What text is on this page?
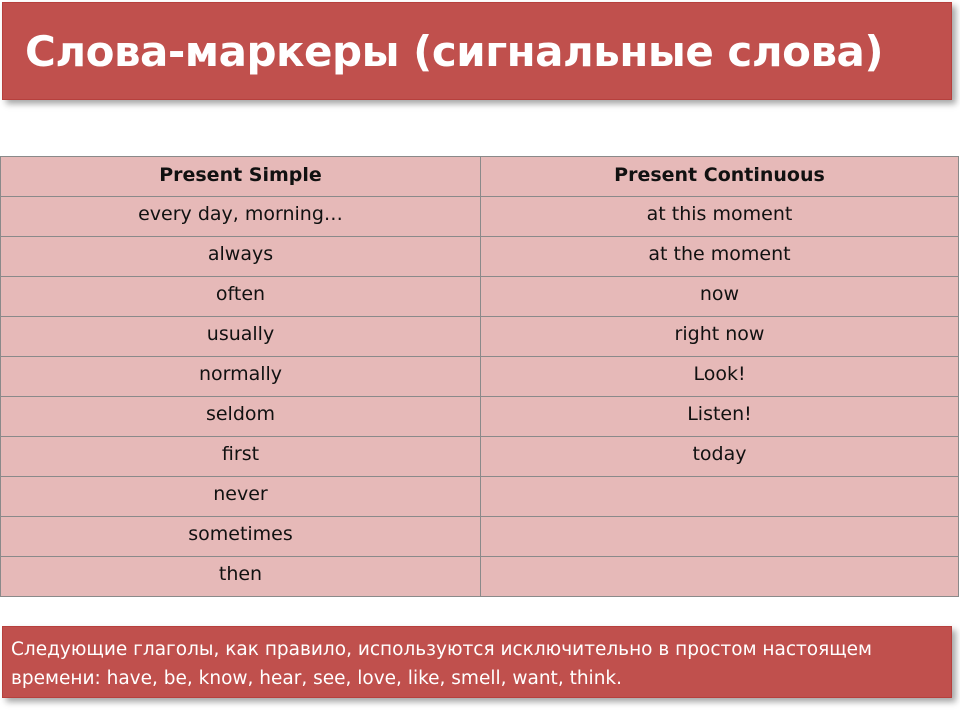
Слова-маркеры (сигнальные слова)
Present Simple	Present Continuous
every day, morning…	at this moment
always	at the moment
often	now
usually	right now
normally	Look!
seldom	Listen!
first	today
never	
sometimes	
then	

Следующие глаголы, как правило, используются исключительно в простом настоящем времени: have, be, know, hear, see, love, like, smell, want, think.
